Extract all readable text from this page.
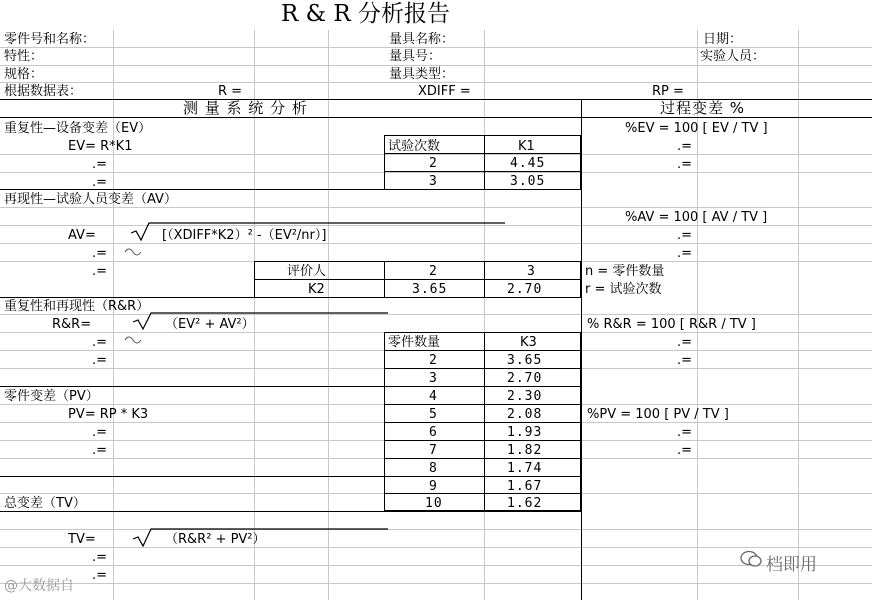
R & R 分析报告
零件号和名称：	量具名称：	日期：
特性：	量具号：	实验人员：
规格：	量具类型：
根据数据表：	R =	XDIFF =	RP =
测 量 系 统 分 析	过程变差 %
重复性—设备变差（EV）
EV= R*K1
.=
.=
试验次数	K1
2	4.45
3	3.05
%EV = 100 [ EV / TV ]
.=
.=
再现性—试验人员变差（AV）
AV=	[（XDIFF*K2）² -（EV²/nr）]
.=
.=	评价人	2	3
K2	3.65	2.70
%AV = 100 [ AV / TV ]
.=
.=
n = 零件数量
r = 试验次数
重复性和再现性（R&R）
R&R=	（EV² + AV²）
.=
.=
零件数量	K3
2	3.65
3	2.70
4	2.30
5	2.08
6	1.93
7	1.82
8	1.74
9	1.67
10	1.62
% R&R = 100 [ R&R / TV ]
.=
.=
零件变差（PV）
PV= RP * K3
.=
.=
%PV = 100 [ PV / TV ]
.=
.=
总变差（TV）
TV=	（R&R² + PV²）
.=
.=
@大数据自
档即用
